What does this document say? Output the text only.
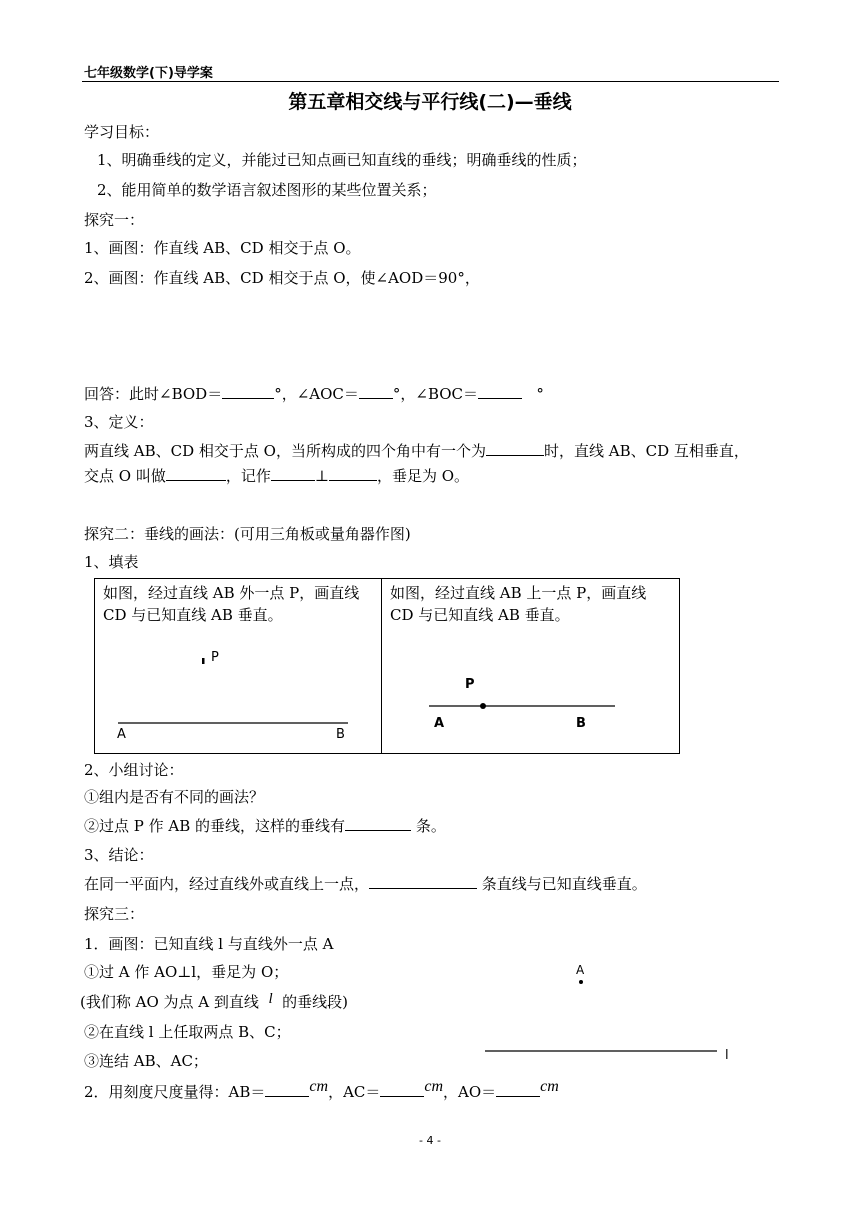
七年级数学(下)导学案
第五章相交线与平行线(二)—垂线
学习目标：
1、明确垂线的定义，并能过已知点画已知直线的垂线；明确垂线的性质；
2、能用简单的数学语言叙述图形的某些位置关系；
探究一：
1、画图：作直线 AB、CD 相交于点 O。
2、画图：作直线 AB、CD 相交于点 O，使∠AOD＝90°，
回答：此时∠BOD＝	°，∠AOC＝ °，∠BOC＝	°
3、定义：
两直线 AB、CD 相交于点 O，当所构成的四个角中有一个为	时，直线 AB、CD 互相垂直，
交点 O 叫做	，记作	⊥	，垂足为 O。
探究二：垂线的画法：(可用三角板或量角器作图)
1、填表
如图，经过直线 AB 外一点 P，画直线 CD 与已知直线 AB 垂直。
如图，经过直线 AB 上一点 P，画直线 CD 与已知直线 AB 垂直。
P
A	B
P
A	B
2、小组讨论：
①组内是否有不同的画法？
②过点 P 作 AB 的垂线，这样的垂线有	条。
3、结论：
在同一平面内，经过直线外或直线上一点，	条直线与已知直线垂直。
探究三：
1．画图：已知直线 l 与直线外一点 A
①过 A 作 AO⊥l，垂足为 O；
(我们称 AO 为点 A 到直线 l 的垂线段)
②在直线 l 上任取两点 B、C；
③连结 AB、AC；
A
l
2．用刻度尺度量得：AB＝	cm，AC＝	cm，AO＝	cm
- 4 -
